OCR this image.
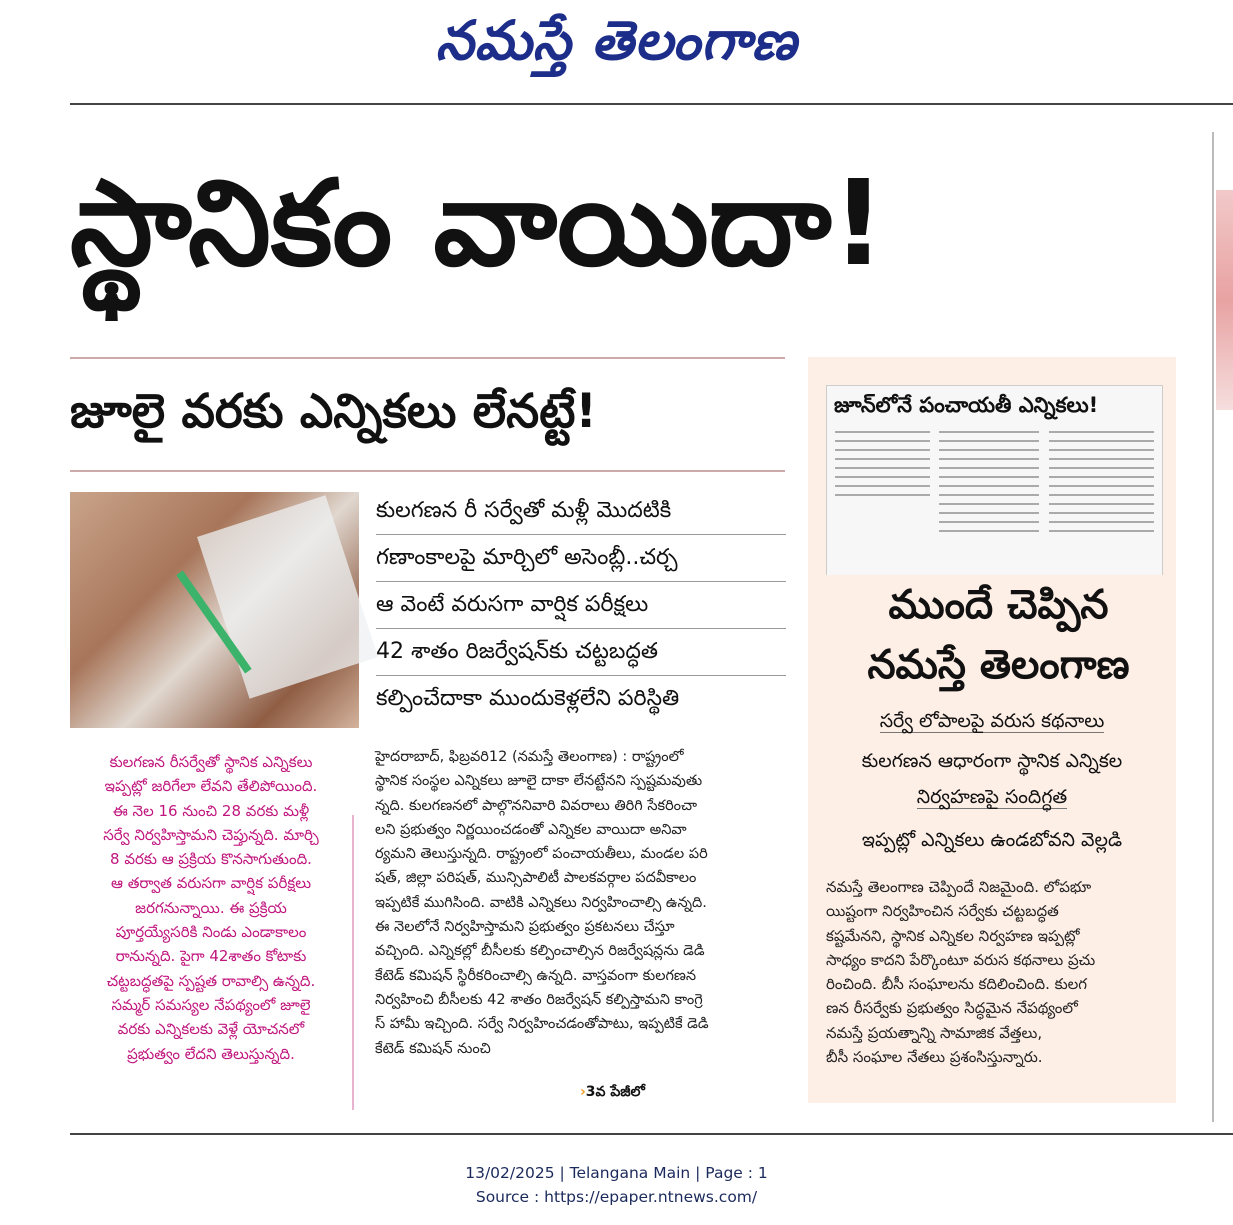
నమస్తే తెలంగాణ
స్థానికం వాయిదా!
జూలై వరకు ఎన్నికలు లేనట్టే!
కులగణన రీ సర్వేతో మళ్లీ మొదటికి
గణాంకాలపై మార్చిలో అసెంబ్లీ..చర్చ
ఆ వెంటే వరుసగా వార్షిక పరీక్షలు
42 శాతం రిజర్వేషన్‌కు చట్టబద్ధత
కల్పించేదాకా ముందుకెళ్లలేని పరిస్థితి
కులగణన రీసర్వేతో స్థానిక ఎన్నికలు
ఇప్పట్లో జరిగేలా లేవని తేలిపోయింది.
ఈ నెల 16 నుంచి 28 వరకు మళ్లీ
సర్వే నిర్వహిస్తామని చెప్తున్నది. మార్చి
8 వరకు ఆ ప్రక్రియ కొనసాగుతుంది.
ఆ తర్వాత వరుసగా వార్షిక పరీక్షలు
జరగనున్నాయి. ఈ ప్రక్రియ
పూర్తయ్యేసరికి నిండు ఎండాకాలం
రానున్నది. పైగా 42శాతం కోటాకు
చట్టబద్ధతపై స్పష్టత రావాల్సి ఉన్నది.
సమ్మర్ సమస్యల నేపథ్యంలో జూలై
వరకు ఎన్నికలకు వెళ్లే యోచనలో
ప్రభుత్వం లేదని తెలుస్తున్నది.
హైదరాబాద్, ఫిబ్రవరి12 (నమస్తే తెలంగాణ) : రాష్ట్రంలో
స్థానిక సంస్థల ఎన్నికలు జూలై దాకా లేనట్టేనని స్పష్టమవుతు
న్నది. కులగణనలో పాల్గొననివారి వివరాలు తిరిగి సేకరించా
లని ప్రభుత్వం నిర్ణయించడంతో ఎన్నికల వాయిదా అనివా
ర్యమని తెలుస్తున్నది. రాష్ట్రంలో పంచాయతీలు, మండల పరి
షత్, జిల్లా పరిషత్, మున్సిపాలిటీ పాలకవర్గాల పదవీకాలం
ఇప్పటికే ముగిసింది. వాటికి ఎన్నికలు నిర్వహించాల్సి ఉన్నది.
ఈ నెలలోనే నిర్వహిస్తామని ప్రభుత్వం ప్రకటనలు చేస్తూ
వచ్చింది. ఎన్నికల్లో బీసీలకు కల్పించాల్సిన రిజర్వేషన్లను డెడి
కేటెడ్ కమిషన్ స్థిరీకరించాల్సి ఉన్నది. వాస్తవంగా కులగణన
నిర్వహించి బీసీలకు 42 శాతం రిజర్వేషన్ కల్పిస్తామని కాంగ్రె
స్ హామీ ఇచ్చింది. సర్వే నిర్వహించడంతోపాటు, ఇప్పటికే డెడి
కేటెడ్ కమిషన్ నుంచి
›3వ పేజీలో
జూన్‌లోనే పంచాయతీ ఎన్నికలు!
ముందే చెప్పిన
నమస్తే తెలంగాణ
సర్వే లోపాలపై వరుస కథనాలు
కులగణన ఆధారంగా స్థానిక ఎన్నికల
నిర్వహణపై సందిగ్ధత
ఇప్పట్లో ఎన్నికలు ఉండబోవని వెల్లడి
నమస్తే తెలంగాణ చెప్పిందే నిజమైంది. లోపభూ
యిష్టంగా నిర్వహించిన సర్వేకు చట్టబద్ధత
కష్టమేనని, స్థానిక ఎన్నికల నిర్వహణ ఇప్పట్లో
సాధ్యం కాదని పేర్కొంటూ వరుస కథనాలు ప్రచు
రించింది. బీసీ సంఘాలను కదిలించింది. కులగ
ణన రీసర్వేకు ప్రభుత్వం సిద్ధమైన నేపథ్యంలో
నమస్తే ప్రయత్నాన్ని సామాజిక వేత్తలు,
బీసీ సంఘాల నేతలు ప్రశంసిస్తున్నారు.
13/02/2025 | Telangana Main | Page : 1
Source : https://epaper.ntnews.com/
